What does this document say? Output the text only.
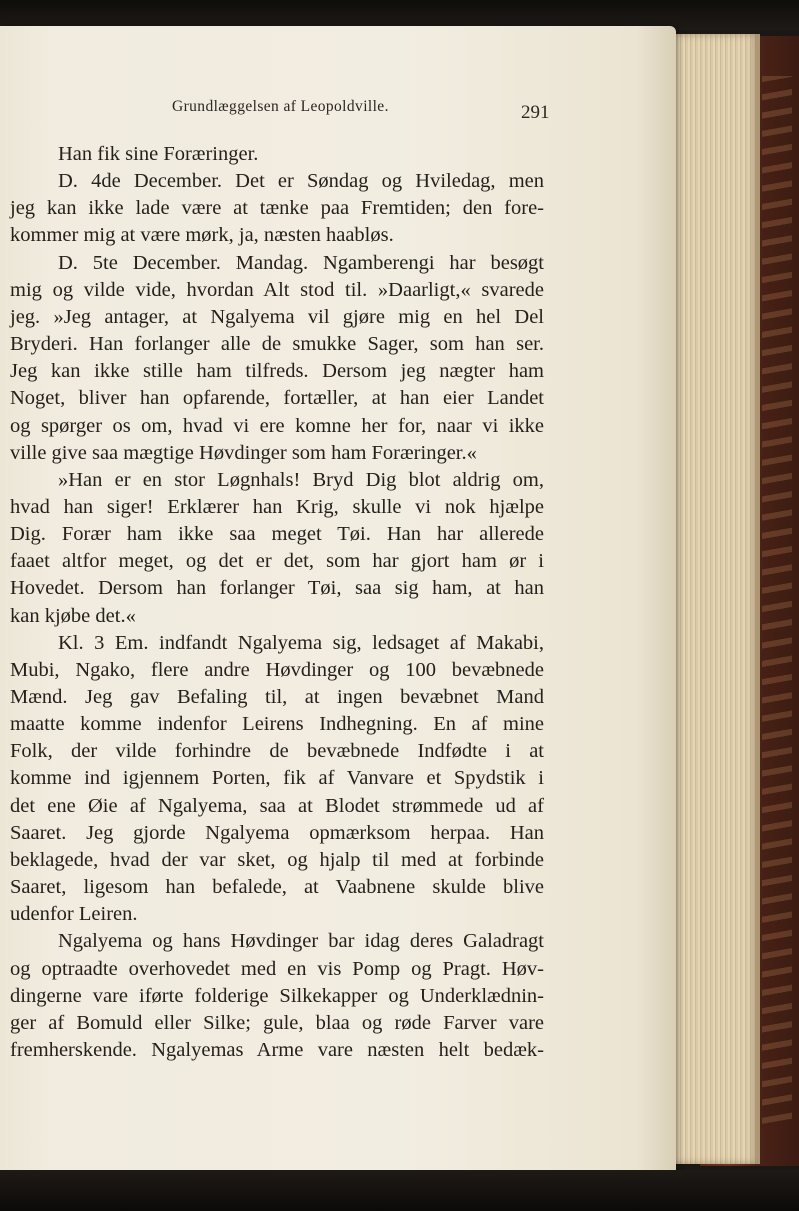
Grundlæggelsen af Leopoldville.	291
Han fik sine Foræringer.
D. 4de December. Det er Søndag og Hviledag, men
jeg kan ikke lade være at tænke paa Fremtiden; den fore-
kommer mig at være mørk, ja, næsten haabløs.
D. 5te December. Mandag. Ngamberengi har besøgt
mig og vilde vide, hvordan Alt stod til. »Daarligt,« svarede
jeg. »Jeg antager, at Ngalyema vil gjøre mig en hel Del
Bryderi. Han forlanger alle de smukke Sager, som han ser.
Jeg kan ikke stille ham tilfreds. Dersom jeg nægter ham
Noget, bliver han opfarende, fortæller, at han eier Landet
og spørger os om, hvad vi ere komne her for, naar vi ikke
ville give saa mægtige Høvdinger som ham Foræringer.«
»Han er en stor Løgnhals! Bryd Dig blot aldrig om,
hvad han siger! Erklærer han Krig, skulle vi nok hjælpe
Dig. Forær ham ikke saa meget Tøi. Han har allerede
faaet altfor meget, og det er det, som har gjort ham ør i
Hovedet. Dersom han forlanger Tøi, saa sig ham, at han
kan kjøbe det.«
Kl. 3 Em. indfandt Ngalyema sig, ledsaget af Makabi,
Mubi, Ngako, flere andre Høvdinger og 100 bevæbnede
Mænd. Jeg gav Befaling til, at ingen bevæbnet Mand
maatte komme indenfor Leirens Indhegning. En af mine
Folk, der vilde forhindre de bevæbnede Indfødte i at
komme ind igjennem Porten, fik af Vanvare et Spydstik i
det ene Øie af Ngalyema, saa at Blodet strømmede ud af
Saaret. Jeg gjorde Ngalyema opmærksom herpaa. Han
beklagede, hvad der var sket, og hjalp til med at forbinde
Saaret, ligesom han befalede, at Vaabnene skulde blive
udenfor Leiren.
Ngalyema og hans Høvdinger bar idag deres Galadragt
og optraadte overhovedet med en vis Pomp og Pragt. Høv-
dingerne vare iførte folderige Silkekapper og Underklædnin-
ger af Bomuld eller Silke; gule, blaa og røde Farver vare
fremherskende. Ngalyemas Arme vare næsten helt bedæk-
